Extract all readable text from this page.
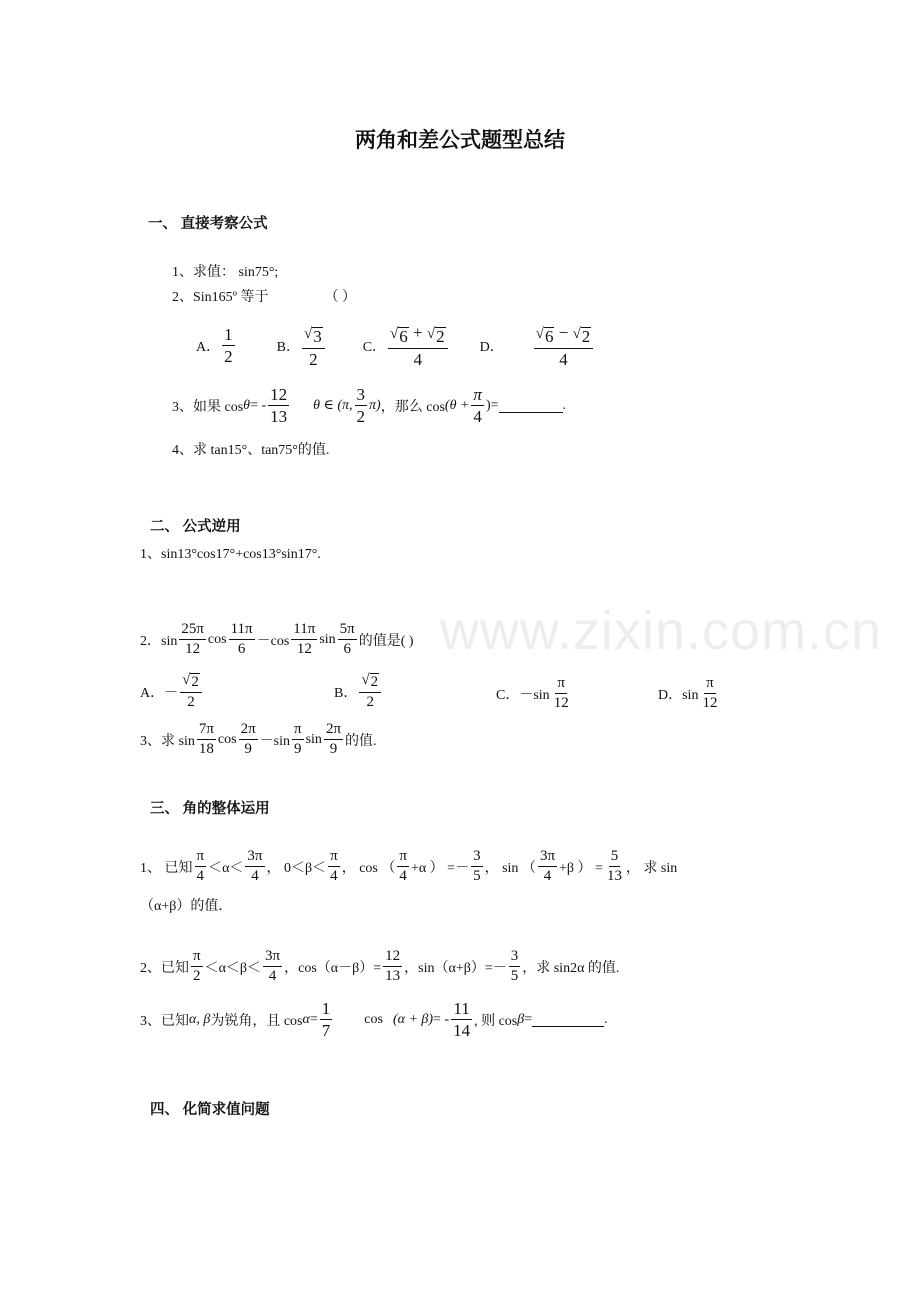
www.zixin.com.cn
两角和差公式题型总结
一、 直接考察公式
1、求值： sin75°;
2、Sin165º 等于	（ ）
A． $\frac{1}{2}$	B． $\frac{√ 3}{2}$	C． $\frac{√ 6 + √ 2}{4}$ D． $\frac{√ 6 - √ 2}{4}$
3、如果 cos θ = - $\frac{12}{13}$ θ ∈ (π, $\frac{3}{2} \pi$) ，那么 $\cos (\theta + \frac{\pi}{4}$ ) =	.
4、求 tan15°、tan75°的值.
二、 公式逆用
1、sin13°cos17°+cos13°sin17°.
2．$\sin \frac{25\pi}{12}$ $\cos \frac{11\pi}{6} -\cos \frac{11\pi}{12}$ $\sin \frac{5\pi}{6}$ 的值是( )
A．－ $\frac{√ 2}{2}$	B． $\frac{√ 2}{2}$	C．$-\sin \frac{\pi}{12}$	D．$\sin \frac{\pi}{12}$
3、求 $\sin \frac{7\pi}{18}$ $\cos \frac{2\pi}{9} -\sin \frac{\pi}{9}$ $\sin \frac{2\pi}{9}$ 的值.
三、 角的整体运用
1、 已知 $\frac{\pi}{4} <\alpha< \frac{3\pi}{4}$ ， $0<\beta< \frac{\pi}{4}$ ， cos （ $\frac{\pi}{4} +\alpha$ ） =－ $\frac{3}{5}$ ， sin （ $\frac{3\pi}{4} +\beta$ ） = $\frac{5}{13}$ ， 求 sin
（α+β）的值．
2、已知 $\frac{\pi}{2} <\alpha<\beta< \frac{3\pi}{4}$ ，$\cos(\alpha-\beta)= \frac{12}{13}$ ，$\sin(\alpha+\beta)=- \frac{3}{5}$ ，求 sin2α 的值.
3、已知 α, β 为锐角，且 $\cos \alpha = \frac{1}{7}$ cos (α + β) = - $\frac{11}{14}$ , 则 cos β =	.
四、 化简求值问题
